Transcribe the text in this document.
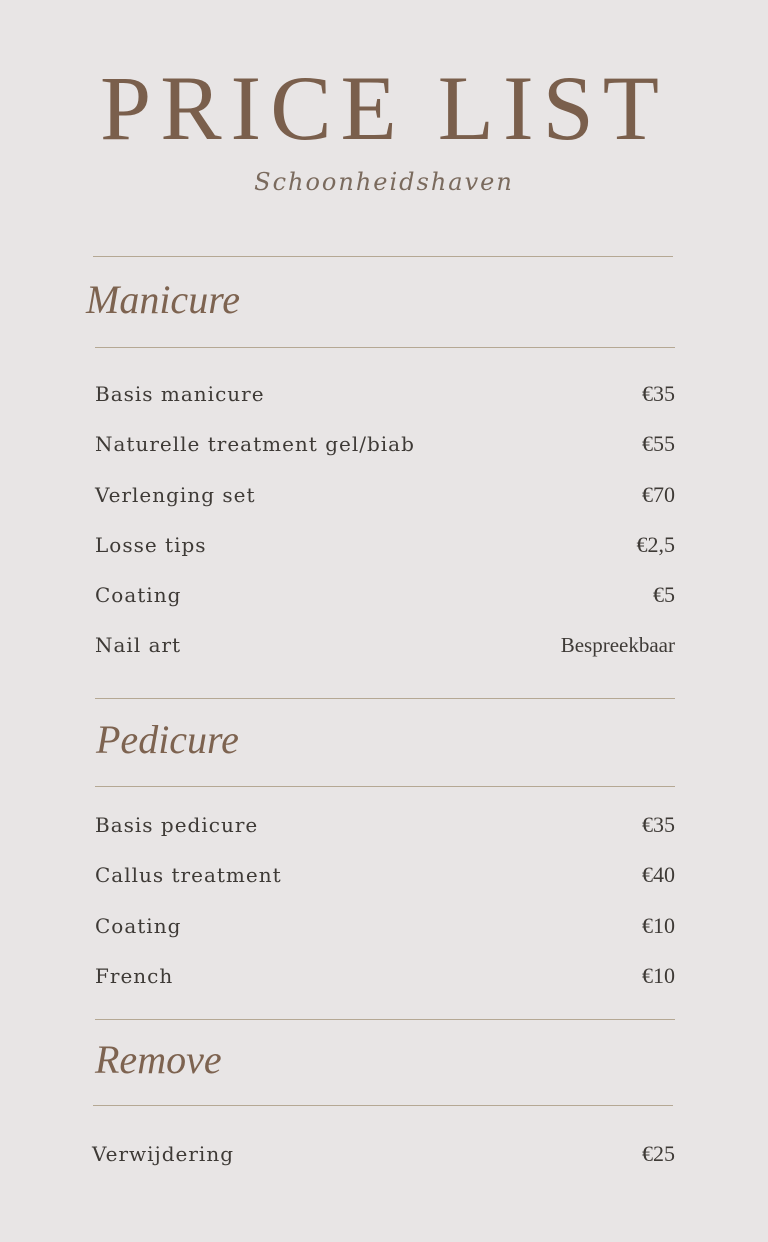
PRICE LIST
Schoonheidshaven
Manicure
Basis manicure	€35
Naturelle treatment gel/biab	€55
Verlenging set	€70
Losse tips	€2,5
Coating	€5
Nail art	Bespreekbaar
Pedicure
Basis pedicure	€35
Callus treatment	€40
Coating	€10
French	€10
Remove
Verwijdering	€25
